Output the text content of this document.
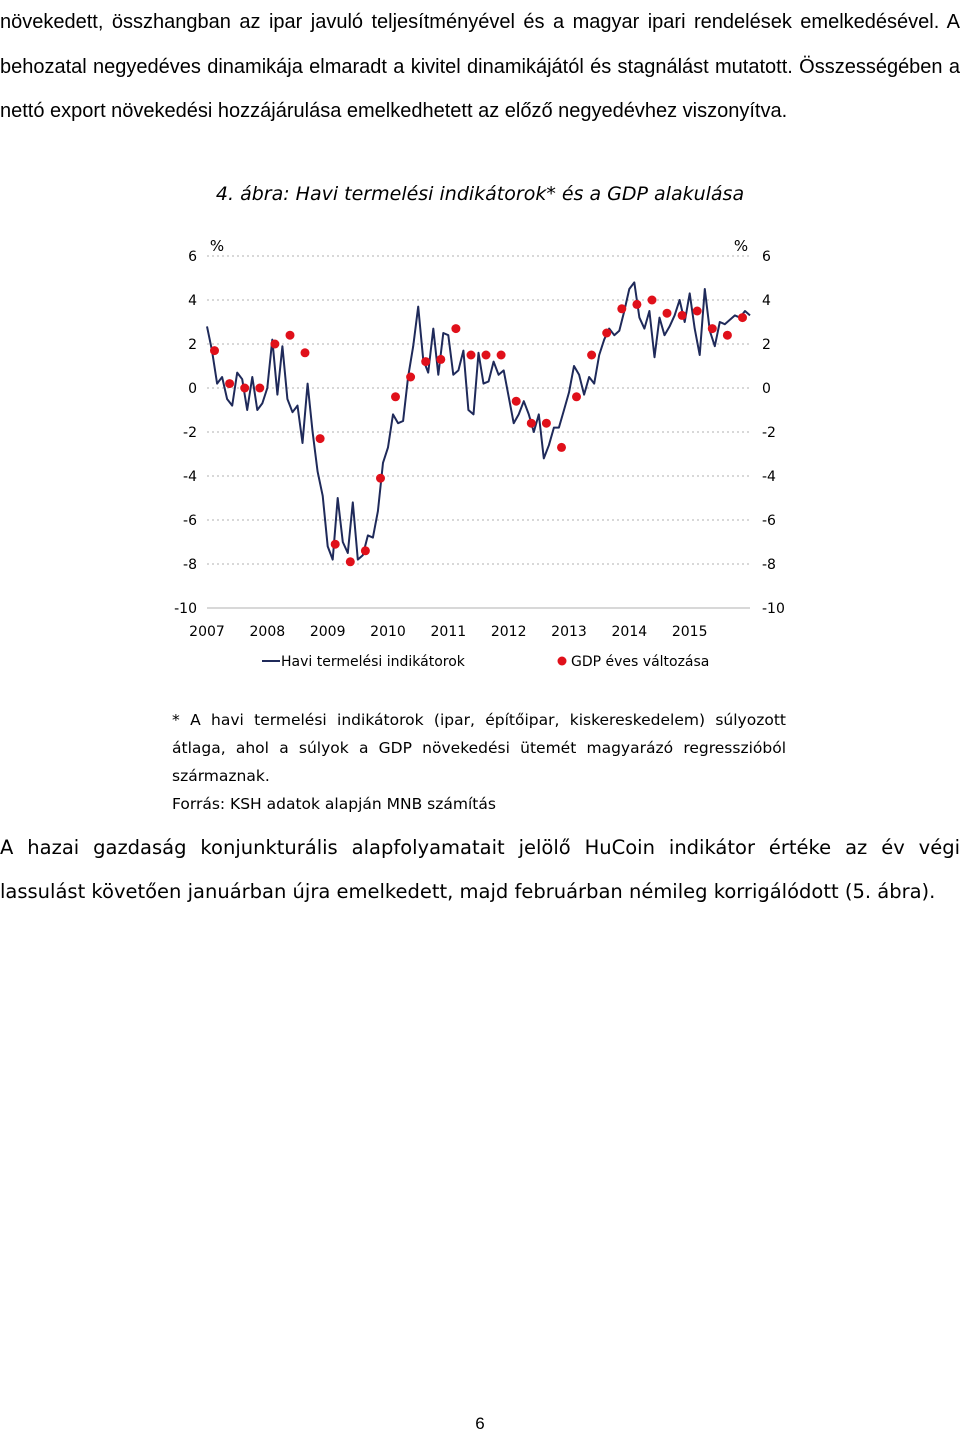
növekedett, összhangban az ipar javuló teljesítményével és a magyar ipari rendelések emelkedésével. A behozatal negyedéves dinamikája elmaradt a kivitel dinamikájától és stagnálást mutatott. Összességében a nettó export növekedési hozzájárulása emelkedhetett az előző negyedévhez viszonyítva.

4. ábra: Havi termelési indikátorok* és a GDP alakulása
6	6
4	4
2	2
0	0
-2	-2
-4	-4
-6	-6
-8	-8
-10	-10
2007 2008 2009 2010 2011 2012 2013 2014 2015
%	%
Havi termelési indikátorok	GDP éves változása

* A havi termelési indikátorok (ipar, építőipar, kiskereskedelem) súlyozott átlaga, ahol a súlyok a GDP növekedési ütemét magyarázó regresszióból származnak.

Forrás: KSH adatok alapján MNB számítás

A hazai gazdaság konjunkturális alapfolyamatait jelölő HuCoin indikátor értéke az év végi lassulást követően januárban újra emelkedett, majd februárban némileg korrigálódott (5. ábra).

6
